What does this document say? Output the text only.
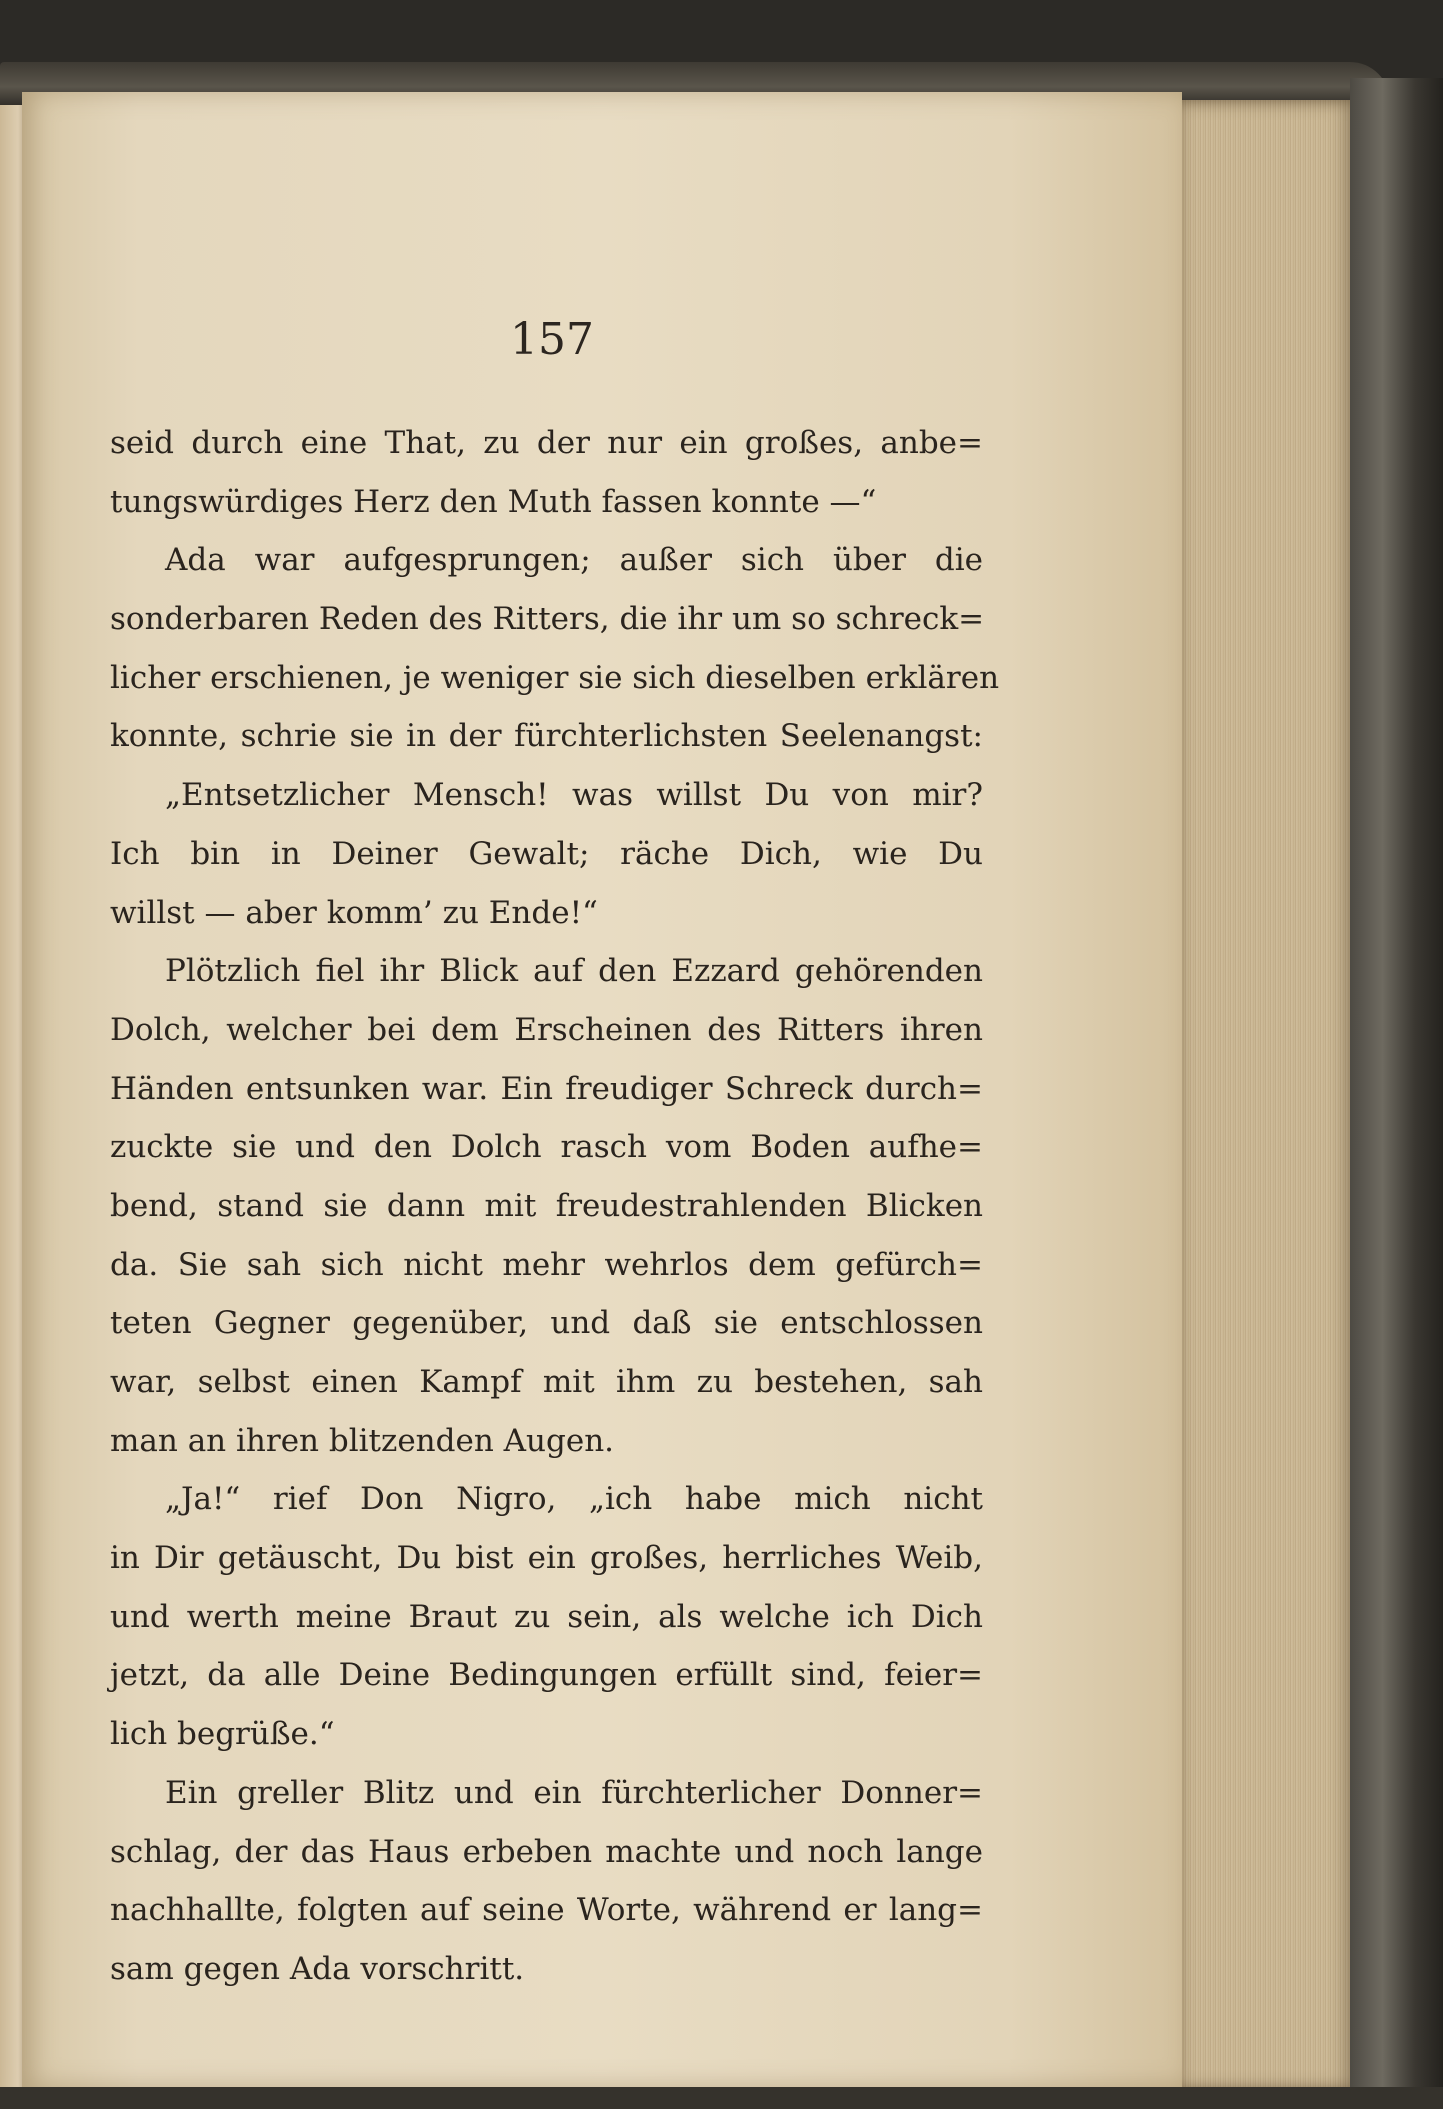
157
seid durch eine That, zu der nur ein großes, anbe=
tungswürdiges Herz den Muth fassen konnte —“
Ada war aufgesprungen; außer sich über die
sonderbaren Reden des Ritters, die ihr um so schreck=
licher erschienen, je weniger sie sich dieselben erklären
konnte, schrie sie in der fürchterlichsten Seelenangst:
„Entsetzlicher Mensch! was willst Du von mir?
Ich bin in Deiner Gewalt; räche Dich, wie Du
willst — aber komm’ zu Ende!“
Plötzlich fiel ihr Blick auf den Ezzard gehörenden
Dolch, welcher bei dem Erscheinen des Ritters ihren
Händen entsunken war. Ein freudiger Schreck durch=
zuckte sie und den Dolch rasch vom Boden aufhe=
bend, stand sie dann mit freudestrahlenden Blicken
da. Sie sah sich nicht mehr wehrlos dem gefürch=
teten Gegner gegenüber, und daß sie entschlossen
war, selbst einen Kampf mit ihm zu bestehen, sah
man an ihren blitzenden Augen.
„Ja!“ rief Don Nigro, „ich habe mich nicht
in Dir getäuscht, Du bist ein großes, herrliches Weib,
und werth meine Braut zu sein, als welche ich Dich
jetzt, da alle Deine Bedingungen erfüllt sind, feier=
lich begrüße.“
Ein greller Blitz und ein fürchterlicher Donner=
schlag, der das Haus erbeben machte und noch lange
nachhallte, folgten auf seine Worte, während er lang=
sam gegen Ada vorschritt.
